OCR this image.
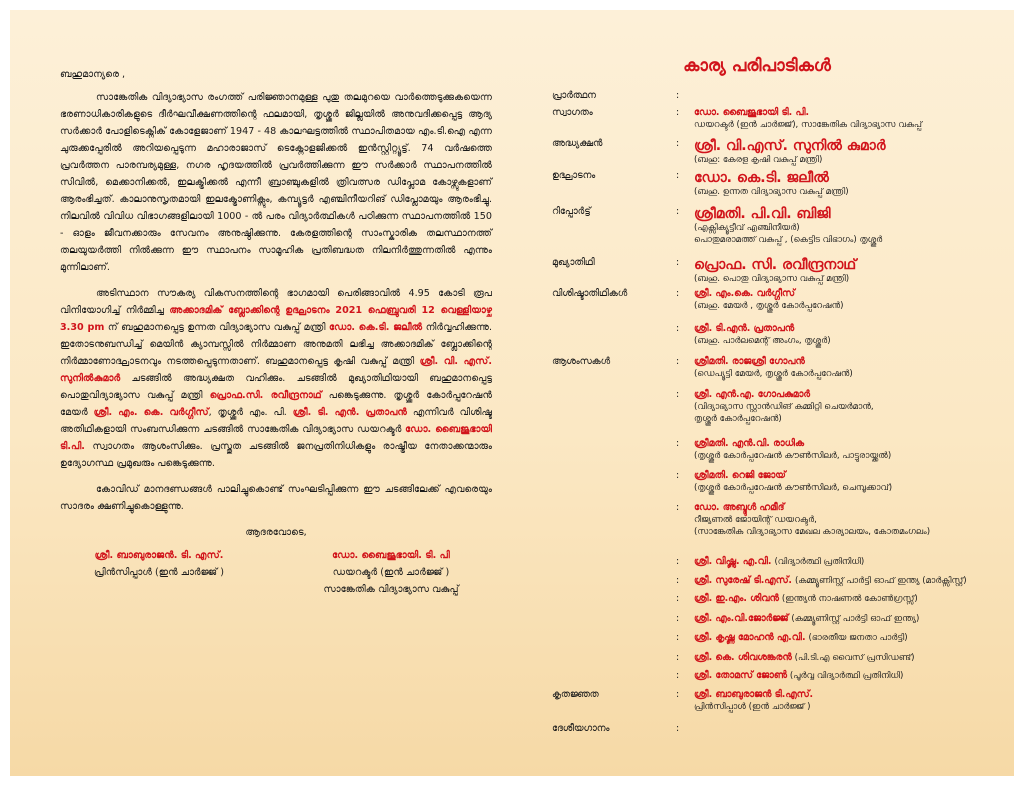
ബഹുമാന്യരെ ,

സാങ്കേതിക വിദ്യാഭ്യാസ രംഗത്ത് പരിജ്ഞാനമുള്ള പുതു തലമുറയെ വാർത്തെടുക്കുകയെന്ന ഭരണാധികാരികളുടെ ദീർഘവീക്ഷണത്തിന്റെ ഫലമായി, തൃശ്ശൂർ ജില്ലയിൽ അനുവദിക്കപ്പെട്ട ആദ്യ സർക്കാർ പോളിടെക്നിക് കോളേജാണ് 1947 - 48 കാലഘട്ടത്തിൽ സ്ഥാപിതമായ എം.ടി.ഐ എന്ന ചുരുക്കപ്പേരിൽ അറിയപ്പെടുന്ന മഹാരാജാസ് ടെക്നോളജിക്കൽ ഇൻസ്റ്റിറ്റ്യൂട്ട്. 74 വർഷത്തെ പ്രവർത്തന പാരമ്പര്യമുള്ള, നഗര ഹൃദയത്തിൽ പ്രവർത്തിക്കുന്ന ഈ സർക്കാർ സ്ഥാപനത്തിൽ സിവിൽ, മെക്കാനിക്കൽ, ഇലക്ട്രിക്കൽ എന്നീ ബ്രാഞ്ചുകളിൽ ത്രിവത്സര ഡിപ്ലോമ കോഴ്സുകളാണ് ആരംഭിച്ചത്. കാലാനുസൃതമായി ഇലക്ട്രോണിക്സും, കമ്പ്യൂട്ടർ എഞ്ചിനീയറിങ് ഡിപ്ലോമയും ആരംഭിച്ചു. നിലവിൽ വിവിധ വിഭാഗങ്ങളിലായി 1000 - ൽ പരം വിദ്യാർത്ഥികൾ പഠിക്കുന്ന സ്ഥാപനത്തിൽ 150 - ഓളം ജീവനക്കാരും സേവനം അനുഷ്ഠിക്കുന്നു. കേരളത്തിന്റെ സാംസ്കാരിക തലസ്ഥാനത്ത് തലയുയർത്തി നിൽക്കുന്ന ഈ സ്ഥാപനം സാമൂഹിക പ്രതിബദ്ധത നിലനിർത്തുന്നതിൽ എന്നും മുന്നിലാണ്.

അടിസ്ഥാന സൗകര്യ വികസനത്തിന്റെ ഭാഗമായി പെരിങ്ങാവിൽ 4.95 കോടി രൂപ വിനിയോഗിച്ച് നിർമ്മിച്ച അക്കാദമിക് ബ്ലോക്കിന്റെ ഉദ്ഘാടനം 2021 ഫെബ്രുവരി 12 വെള്ളിയാഴ്ച 3.30 pm ന് ബഹുമാനപ്പെട്ട ഉന്നത വിദ്യാഭ്യാസ വകുപ്പ് മന്ത്രി ഡോ. കെ.ടി. ജലീൽ നിർവ്വഹിക്കുന്നു. ഇതോടനുബന്ധിച്ച് മെയിൻ ക്യാമ്പസ്സിൽ നിർമ്മാണ അനുമതി ലഭിച്ച അക്കാദമിക് ബ്ലോക്കിന്റെ നിർമ്മാണോദ്ഘാടനവും നടത്തപ്പെടുന്നതാണ്. ബഹുമാനപ്പെട്ട കൃഷി വകുപ്പ് മന്ത്രി ശ്രീ. വി. എസ്. സുനിൽകുമാർ ചടങ്ങിൽ അദ്ധ്യക്ഷത വഹിക്കും. ചടങ്ങിൽ മുഖ്യാതിഥിയായി ബഹുമാനപ്പെട്ട പൊതുവിദ്യാഭ്യാസ വകുപ്പ് മന്ത്രി പ്രൊഫ.സി. രവീന്ദ്രനാഥ് പങ്കെടുക്കുന്നു. തൃശ്ശൂർ കോർപ്പറേഷൻ മേയർ ശ്രീ. എം. കെ. വർഗ്ഗീസ്, തൃശ്ശൂർ എം. പി. ശ്രീ. ടി. എൻ. പ്രതാപൻ എന്നിവർ വിശിഷ്ട അതിഥികളായി സംബന്ധിക്കുന്ന ചടങ്ങിൽ സാങ്കേതിക വിദ്യാഭ്യാസ ഡയറക്ടർ ഡോ. ബൈജുഭായി ടി.പി. സ്വാഗതം ആശംസിക്കും. പ്രസ്തുത ചടങ്ങിൽ ജനപ്രതിനിധികളും രാഷ്ട്രീയ നേതാക്കന്മാരും ഉദ്യോഗസ്ഥ പ്രമുഖരും പങ്കെടുക്കുന്നു.

കോവിഡ് മാനദണ്ഡങ്ങൾ പാലിച്ചുകൊണ്ട് സംഘടിപ്പിക്കുന്ന ഈ ചടങ്ങിലേക്ക് എവരെയും സാദരം ക്ഷണിച്ചുകൊള്ളുന്നു.

ആദരവോടെ,
ശ്രീ. ബാബുരാജൻ. ടി. എസ്.
പ്രിൻസിപ്പാൾ (ഇൻ ചാർജ്ജ് )
ഡോ. ബൈജുഭായി. ടി. പി
ഡയറക്ടർ (ഇൻ ചാർജ്ജ് )
സാങ്കേതിക വിദ്യാഭ്യാസ വകുപ്പ്
കാര്യ പരിപാടികൾ
പ്രാർത്ഥന	:
സ്വാഗതം	: ഡോ. ബൈജുഭായി ടി. പി.
ഡയറക്ടർ (ഇൻ ചാർജ്ജ്), സാങ്കേതിക വിദ്യാഭ്യാസ വകുപ്പ്
അദ്ധ്യക്ഷൻ	: ശ്രീ. വി.എസ്. സുനിൽ കുമാർ
(ബഹു: കേരള കൃഷി വകുപ്പ് മന്ത്രി)
ഉദ്ഘാടനം	: ഡോ. കെ.ടി. ജലീൽ
(ബഹു. ഉന്നത വിദ്യാഭ്യാസ വകുപ്പ് മന്ത്രി)
റിപ്പോർട്ട്	: ശ്രീമതി. പി.വി. ബിജി
(എക്സിക്യൂട്ടീവ് എഞ്ചിനീയർ)
പൊതുമരാമത്ത് വകുപ്പ് , (കെട്ടിട വിഭാഗം) തൃശ്ശൂർ
മുഖ്യാതിഥി	: പ്രൊഫ. സി. രവീന്ദ്രനാഥ്
(ബഹു. പൊതു വിദ്യാഭ്യാസ വകുപ്പ് മന്ത്രി)
വിശിഷ്ടാതിഥികൾ	: ശ്രീ. എം.കെ. വർഗ്ഗീസ്
(ബഹു. മേയർ , തൃശ്ശൂർ കോർപ്പറേഷൻ)
: ശ്രീ. ടി.എൻ. പ്രതാപൻ
(ബഹു. പാർലമെന്റ് അംഗം, തൃശ്ശൂർ)
ആശംസകൾ	: ശ്രീമതി. രാജശ്രീ ഗോപൻ
(ഡെപ്യൂട്ടി മേയർ, തൃശ്ശൂർ കോർപ്പറേഷൻ)
: ശ്രീ. എൻ.എ. ഗോപകുമാർ
(വിദ്യാഭ്യാസ സ്റ്റാൻഡിങ് കമ്മിറ്റി ചെയർമാൻ,
തൃശ്ശൂർ കോർപ്പറേഷൻ)
: ശ്രീമതി. എൻ.വി. രാധിക
(തൃശ്ശൂർ കോർപ്പറേഷൻ കൗൺസിലർ, പാട്ടുരായ്ക്കൽ)
: ശ്രീമതി. റെജി ജോയ്
(തൃശ്ശൂർ കോർപ്പറേഷൻ കൗൺസിലർ, ചെമ്പൂക്കാവ്)
: ഡോ. അബ്ദുൾ ഹമീദ്
റീജ്യണൽ ജോയിന്റ് ഡയറക്ടർ,
(സാങ്കേതിക വിദ്യാഭ്യാസ മേഖല കാര്യാലയം, കോതമംഗലം)
: ശ്രീ. വിഷ്ണു. എ.വി. (വിദ്യാർത്ഥി പ്രതിനിധി)
: ശ്രീ. സുരേഷ് ടി.എസ്. (കമ്മ്യൂണിസ്റ്റ് പാർട്ടി ഓഫ് ഇന്ത്യ (മാർക്സിസ്റ്റ്)
: ശ്രീ. ഇ.എം. ശിവൻ (ഇന്ത്യൻ നാഷണൽ കോൺഗ്രസ്സ്)
: ശ്രീ. എം.വി.ജോർജ്ജ് (കമ്മ്യൂണിസ്റ്റ് പാർട്ടി ഓഫ് ഇന്ത്യ)
: ശ്രീ. കൃഷ്ണ മോഹൻ എ.വി. (ഭാരതീയ ജനതാ പാർട്ടി)
: ശ്രീ. കെ. ശിവശങ്കരൻ (പി.ടി.എ വൈസ് പ്രസിഡണ്ട്)
: ശ്രീ. തോമസ് ജോൺ (പൂർവ്വ വിദ്യാർത്ഥി പ്രതിനിധി)
കൃതജ്ഞത	: ശ്രീ. ബാബുരാജൻ ടി.എസ്.
പ്രിൻസിപ്പാൾ (ഇൻ ചാർജ്ജ് )
ദേശീയഗാനം	:
